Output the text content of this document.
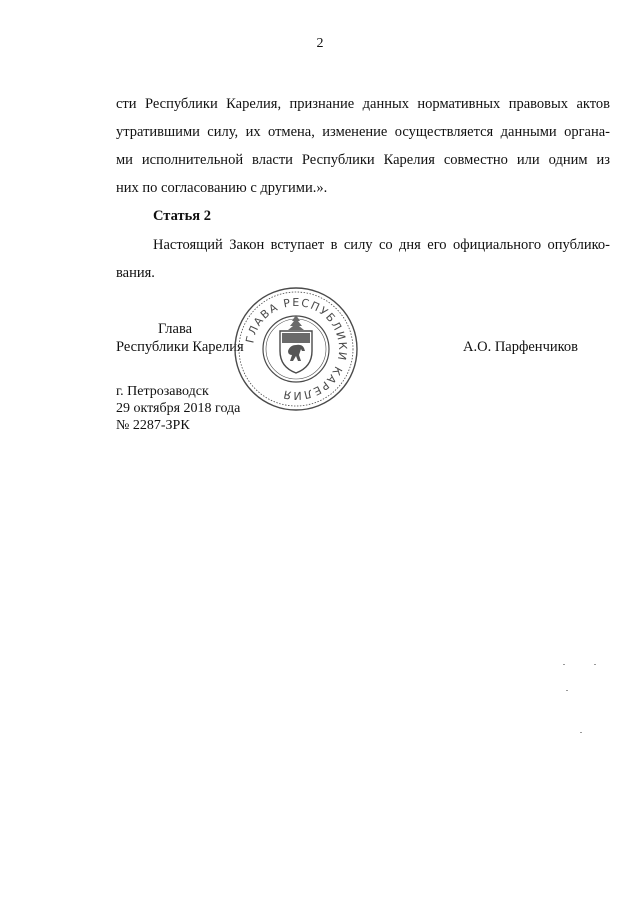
2
сти Республики Карелия, признание данных нормативных правовых актов
утратившими силу, их отмена, изменение осуществляется данными органа-
ми исполнительной власти Республики Карелия совместно или одним из
них по согласованию с другими.».
Статья 2
Настоящий Закон вступает в силу со дня его официального опублико-
вания.
Глава
Республики Карелия	А.О. Парфенчиков
ГЛАВА РЕСПУБЛИКИ КАРЕЛИЯ
г. Петрозаводск
29 октября 2018 года
№ 2287-ЗРК
